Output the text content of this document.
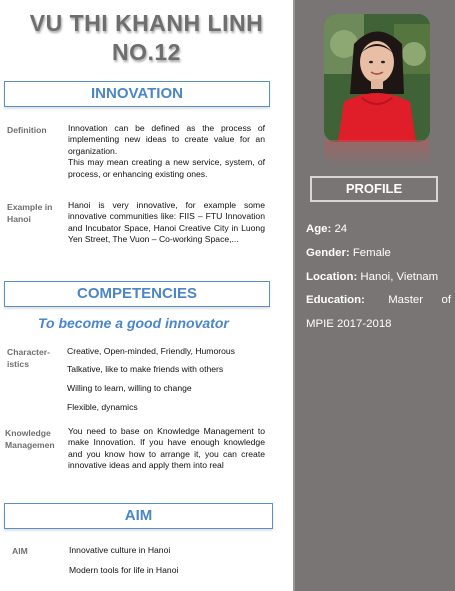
VU THI KHANH LINH
NO.12
INNOVATION
Definition Innovation can be defined as the process of implementing new ideas to create value for an organization.

This may mean creating a new service, system, of process, or enhancing existing ones.

Example in
Hanoi
Hanoi is very innovative, for example some innovative communities like: FIIS – FTU Innovation and Incubator Space, Hanoi Creative City in Luong Yen Street, The Vuon – Co-working Space,...
COMPETENCIES
To become a good innovator
Character-
istics
Creative, Open-minded, Friendly, Humorous
Talkative, like to make friends with others
Willing to learn, willing to change
Flexible, dynamics
Knowledge
Managemen
You need to base on Knowledge Management to make Innovation. If you have enough knowledge and you know how to arrange it, you can create innovative ideas and apply them into real
AIM
AIM	Innovative culture in Hanoi
Modern tools for life in Hanoi
PROFILE
Age: 24
Gender: Female
Location: Hanoi, Vietnam
Education: Master of
MPIE 2017-2018
